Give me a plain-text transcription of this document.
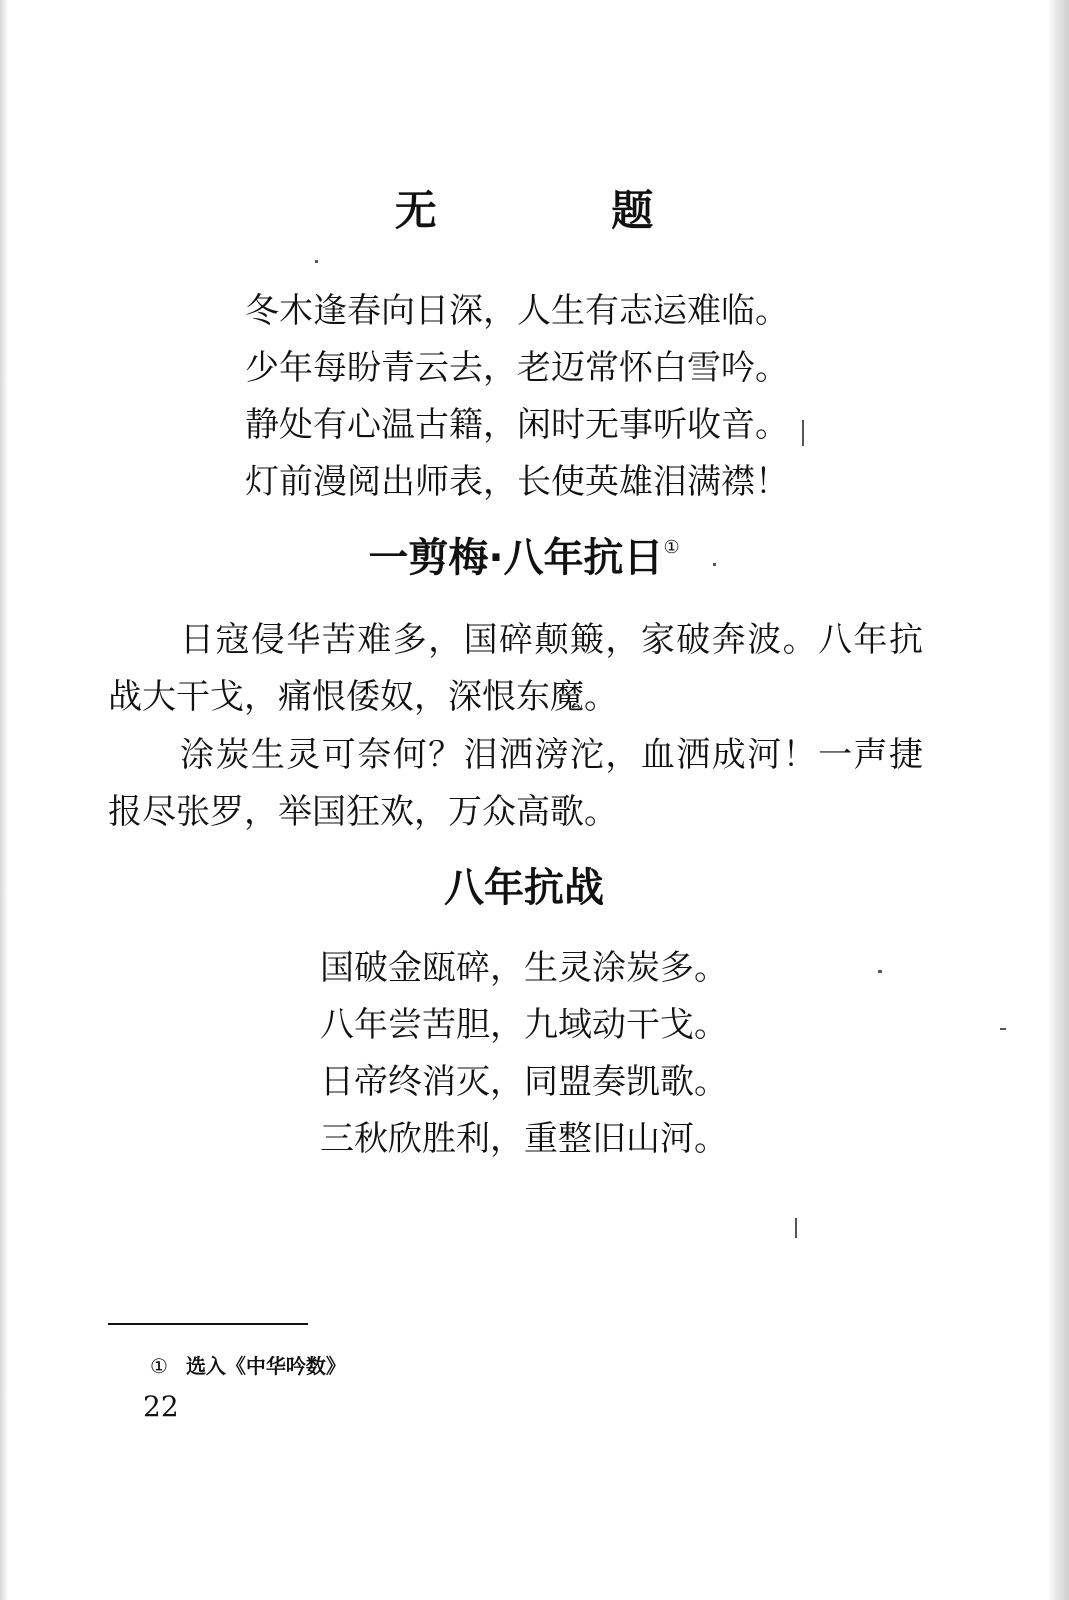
无 题
冬木逢春向日深，人生有志运难临。
少年每盼青云去，老迈常怀白雪吟。
静处有心温古籍，闲时无事听收音。
灯前漫阅出师表，长使英雄泪满襟！
一剪梅·八年抗日①

日寇侵华苦难多，国碎颠簸，家破奔波。八年抗战大干戈，痛恨倭奴，深恨东魔。

涂炭生灵可奈何？泪洒滂沱，血洒成河！一声捷报尽张罗，举国狂欢，万众高歌。

八年抗战
国破金瓯碎，生灵涂炭多。
八年尝苦胆，九域动干戈。
日帝终消灭，同盟奏凯歌。
三秋欣胜利，重整旧山河。

① 选入《中华吟数》

22
